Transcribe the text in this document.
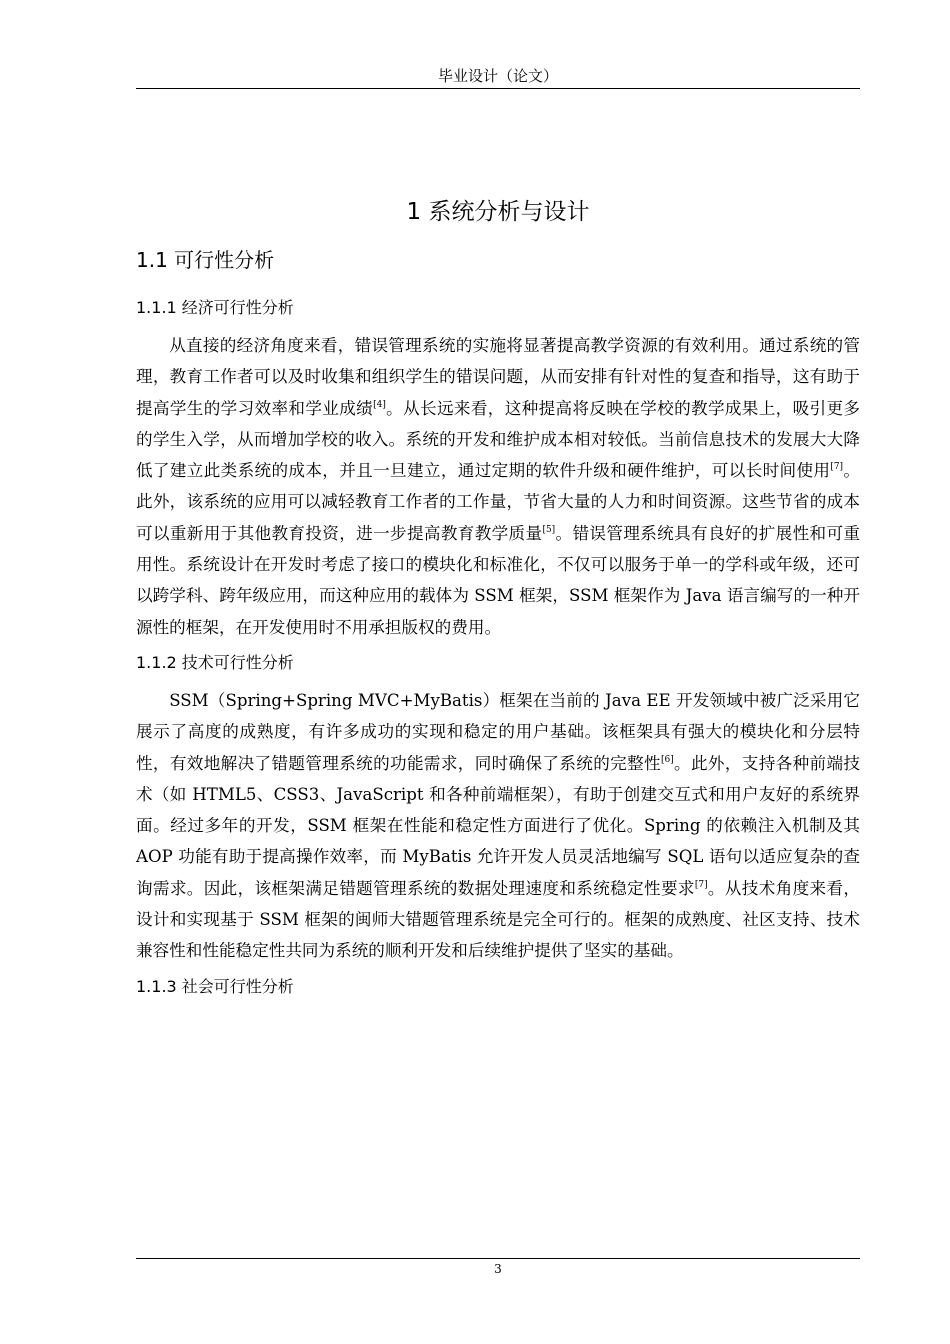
毕业设计（论文）
1 系统分析与设计
1.1 可行性分析
1.1.1 经济可行性分析

从直接的经济角度来看，错误管理系统的实施将显著提高教学资源的有效利用。通过系统的管理，教育工作者可以及时收集和组织学生的错误问题，从而安排有针对性的复查和指导，这有助于提高学生的学习效率和学业成绩[4]。从长远来看，这种提高将反映在学校的教学成果上，吸引更多的学生入学，从而增加学校的收入。系统的开发和维护成本相对较低。当前信息技术的发展大大降低了建立此类系统的成本，并且一旦建立，通过定期的软件升级和硬件维护，可以长时间使用[7]。此外，该系统的应用可以减轻教育工作者的工作量，节省大量的人力和时间资源。这些节省的成本可以重新用于其他教育投资，进一步提高教育教学质量[5]。错误管理系统具有良好的扩展性和可重用性。系统设计在开发时考虑了接口的模块化和标准化，不仅可以服务于单一的学科或年级，还可以跨学科、跨年级应用，而这种应用的载体为 SSM 框架，SSM 框架作为 Java 语言编写的一种开源性的框架，在开发使用时不用承担版权的费用。

1.1.2 技术可行性分析

SSM（Spring+Spring MVC+MyBatis）框架在当前的 Java EE 开发领域中被广泛采用它展示了高度的成熟度，有许多成功的实现和稳定的用户基础。该框架具有强大的模块化和分层特性，有效地解决了错题管理系统的功能需求，同时确保了系统的完整性[6]。此外，支持各种前端技术（如 HTML5、CSS3、JavaScript 和各种前端框架），有助于创建交互式和用户友好的系统界面。经过多年的开发，SSM 框架在性能和稳定性方面进行了优化。Spring 的依赖注入机制及其 AOP 功能有助于提高操作效率，而 MyBatis 允许开发人员灵活地编写 SQL 语句以适应复杂的查询需求。因此，该框架满足错题管理系统的数据处理速度和系统稳定性要求[7]。从技术角度来看，设计和实现基于 SSM 框架的闽师大错题管理系统是完全可行的。框架的成熟度、社区支持、技术兼容性和性能稳定性共同为系统的顺利开发和后续维护提供了坚实的基础。

1.1.3 社会可行性分析
3
